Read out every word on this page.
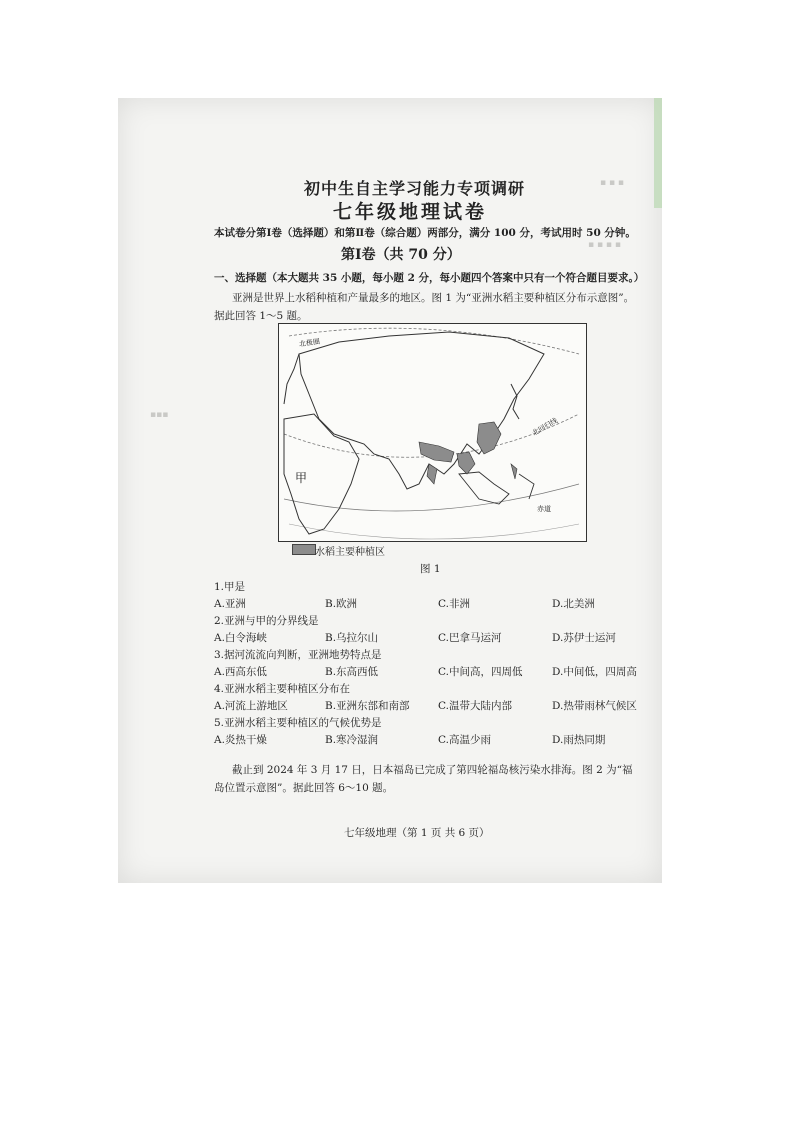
▪ ▪ ▪
▪ ▪ ▪ ▪
▪▪▪
初中生自主学习能力专项调研
七年级地理试卷
本试卷分第Ⅰ卷（选择题）和第Ⅱ卷（综合题）两部分，满分 100 分，考试用时 50 分钟。
第Ⅰ卷（共 70 分）
一、选择题（本大题共 35 小题，每小题 2 分，每小题四个答案中只有一个符合题目要求。）
亚洲是世界上水稻种植和产量最多的地区。图 1 为“亚洲水稻主要种植区分布示意图”。
据此回答 1～5 题。
甲
北极圈
北回归线
赤道
水稻主要种植区
图 1
1.甲是
A.亚洲	B.欧洲	C.非洲	D.北美洲
2.亚洲与甲的分界线是
A.白令海峡	B.乌拉尔山	C.巴拿马运河	D.苏伊士运河
3.据河流流向判断，亚洲地势特点是
A.西高东低	B.东高西低	C.中间高，四周低	D.中间低，四周高
4.亚洲水稻主要种植区分布在
A.河流上游地区	B.亚洲东部和南部	C.温带大陆内部	D.热带雨林气候区
5.亚洲水稻主要种植区的气候优势是
A.炎热干燥	B.寒冷湿润	C.高温少雨	D.雨热同期
截止到 2024 年 3 月 17 日，日本福岛已完成了第四轮福岛核污染水排海。图 2 为“福
岛位置示意图”。据此回答 6～10 题。
七年级地理（第 1 页 共 6 页）
